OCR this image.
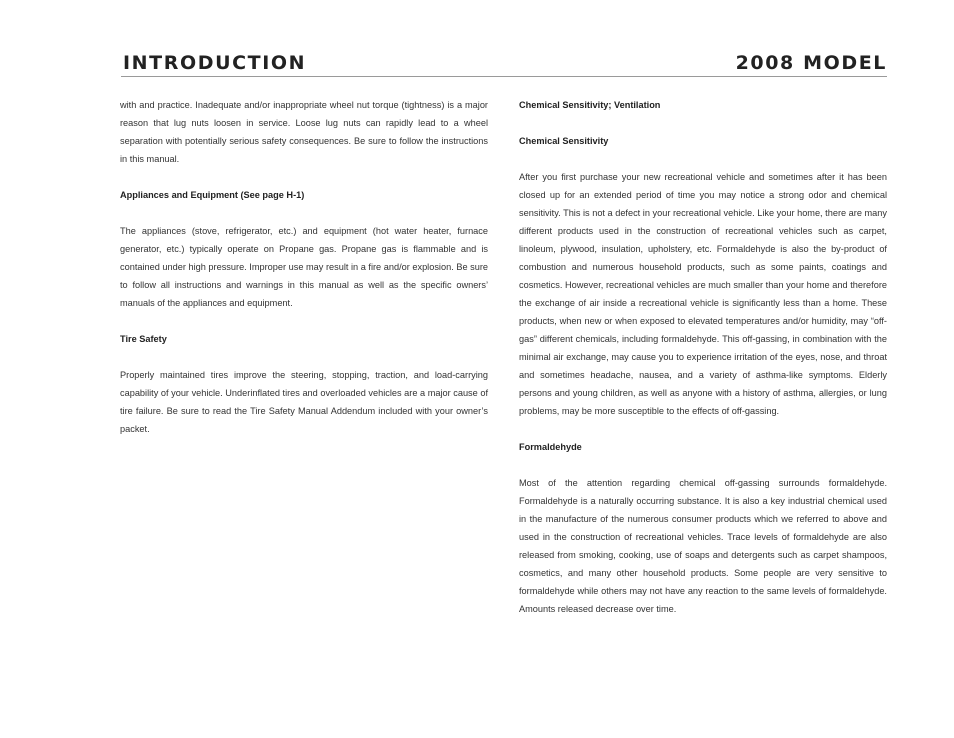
INTRODUCTION	2008 MODEL

with and practice. Inadequate and/or inappropriate wheel nut torque (tightness) is a major reason that lug nuts loosen in service. Loose lug nuts can rapidly lead to a wheel separation with potentially serious safety consequences. Be sure to follow the instructions in this manual.

Appliances and Equipment (See page H-1)

The appliances (stove, refrigerator, etc.) and equipment (hot water heater, furnace generator, etc.) typically operate on Propane gas. Propane gas is flammable and is contained under high pressure. Improper use may result in a fire and/or explosion. Be sure to follow all instructions and warnings in this manual as well as the specific owners’ manuals of the appliances and equipment.

Tire Safety

Properly maintained tires improve the steering, stopping, traction, and load-carrying capability of your vehicle. Underinflated tires and overloaded vehicles are a major cause of tire failure. Be sure to read the Tire Safety Manual Addendum included with your owner’s packet.

Chemical Sensitivity; Ventilation

Chemical Sensitivity

After you first purchase your new recreational vehicle and sometimes after it has been closed up for an extended period of time you may notice a strong odor and chemical sensitivity. This is not a defect in your recreational vehicle. Like your home, there are many different products used in the construction of recreational vehicles such as carpet, linoleum, plywood, insulation, upholstery, etc. Formaldehyde is also the by-product of combustion and numerous household products, such as some paints, coatings and cosmetics. However, recreational vehicles are much smaller than your home and therefore the exchange of air inside a recreational vehicle is significantly less than a home. These products, when new or when exposed to elevated temperatures and/or humidity, may “off-gas” different chemicals, including formaldehyde. This off-gassing, in combination with the minimal air exchange, may cause you to experience irritation of the eyes, nose, and throat and sometimes headache, nausea, and a variety of asthma-like symptoms. Elderly persons and young children, as well as anyone with a history of asthma, allergies, or lung problems, may be more susceptible to the effects of off-gassing.

Formaldehyde

Most of the attention regarding chemical off-gassing surrounds formaldehyde. Formaldehyde is a naturally occurring substance. It is also a key industrial chemical used in the manufacture of the numerous consumer products which we referred to above and used in the construction of recreational vehicles. Trace levels of formaldehyde are also released from smoking, cooking, use of soaps and detergents such as carpet shampoos, cosmetics, and many other household products. Some people are very sensitive to formaldehyde while others may not have any reaction to the same levels of formaldehyde. Amounts released decrease over time.
